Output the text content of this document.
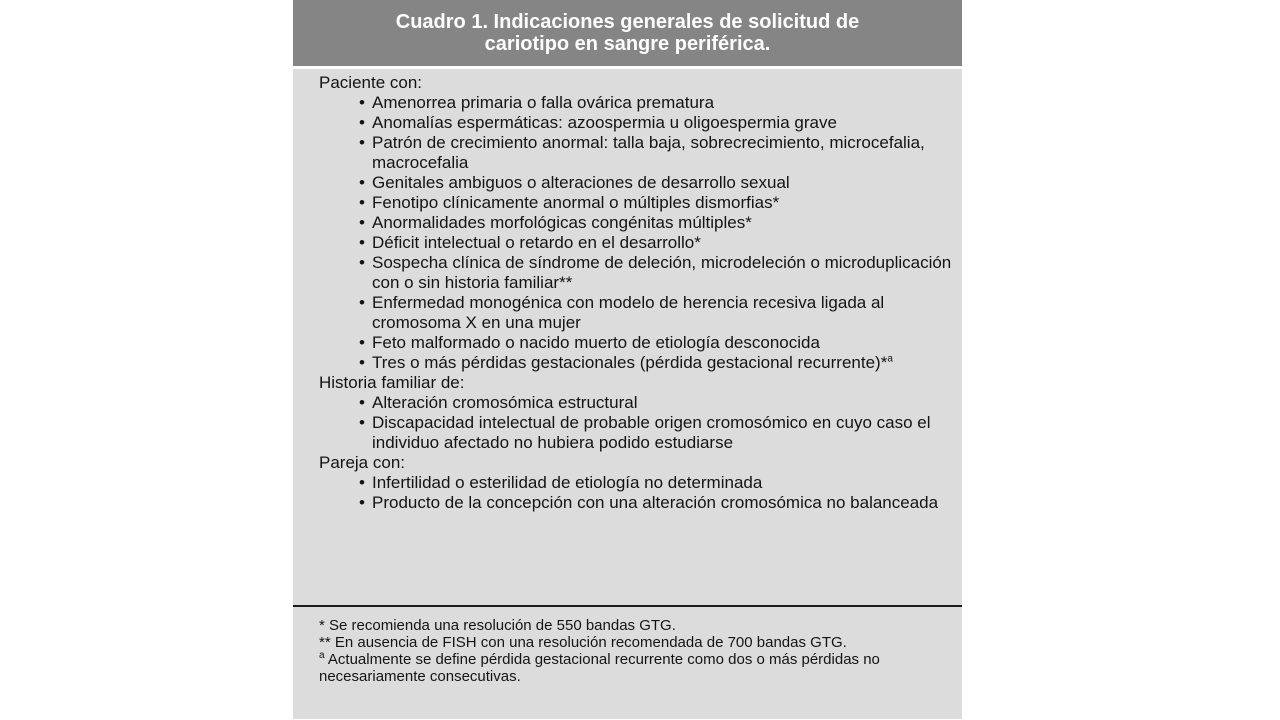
Cuadro 1. Indicaciones generales de solicitud de
cariotipo en sangre periférica.

Paciente con:

• Amenorrea primaria o falla ovárica prematura
• Anomalías espermáticas: azoospermia u oligoespermia grave
• Patrón de crecimiento anormal: talla baja, sobrecrecimiento, microcefalia, macrocefalia
• Genitales ambiguos o alteraciones de desarrollo sexual
• Fenotipo clínicamente anormal o múltiples dismorfias*
• Anormalidades morfológicas congénitas múltiples*
• Déficit intelectual o retardo en el desarrollo*
• Sospecha clínica de síndrome de deleción, microdeleción o microduplicación con o sin historia familiar**
• Enfermedad monogénica con modelo de herencia recesiva ligada al cromosoma X en una mujer
• Feto malformado o nacido muerto de etiología desconocida
• Tres o más pérdidas gestacionales (pérdida gestacional recurrente)*$^a$

Historia familiar de:

• Alteración cromosómica estructural
• Discapacidad intelectual de probable origen cromosómico en cuyo caso el individuo afectado no hubiera podido estudiarse

Pareja con:

• Infertilidad o esterilidad de etiología no determinada
• Producto de la concepción con una alteración cromosómica no balanceada

* Se recomienda una resolución de 550 bandas GTG.

** En ausencia de FISH con una resolución recomendada de 700 bandas GTG.

$^a$ Actualmente se define pérdida gestacional recurrente como dos o más pérdidas no necesariamente consecutivas.
